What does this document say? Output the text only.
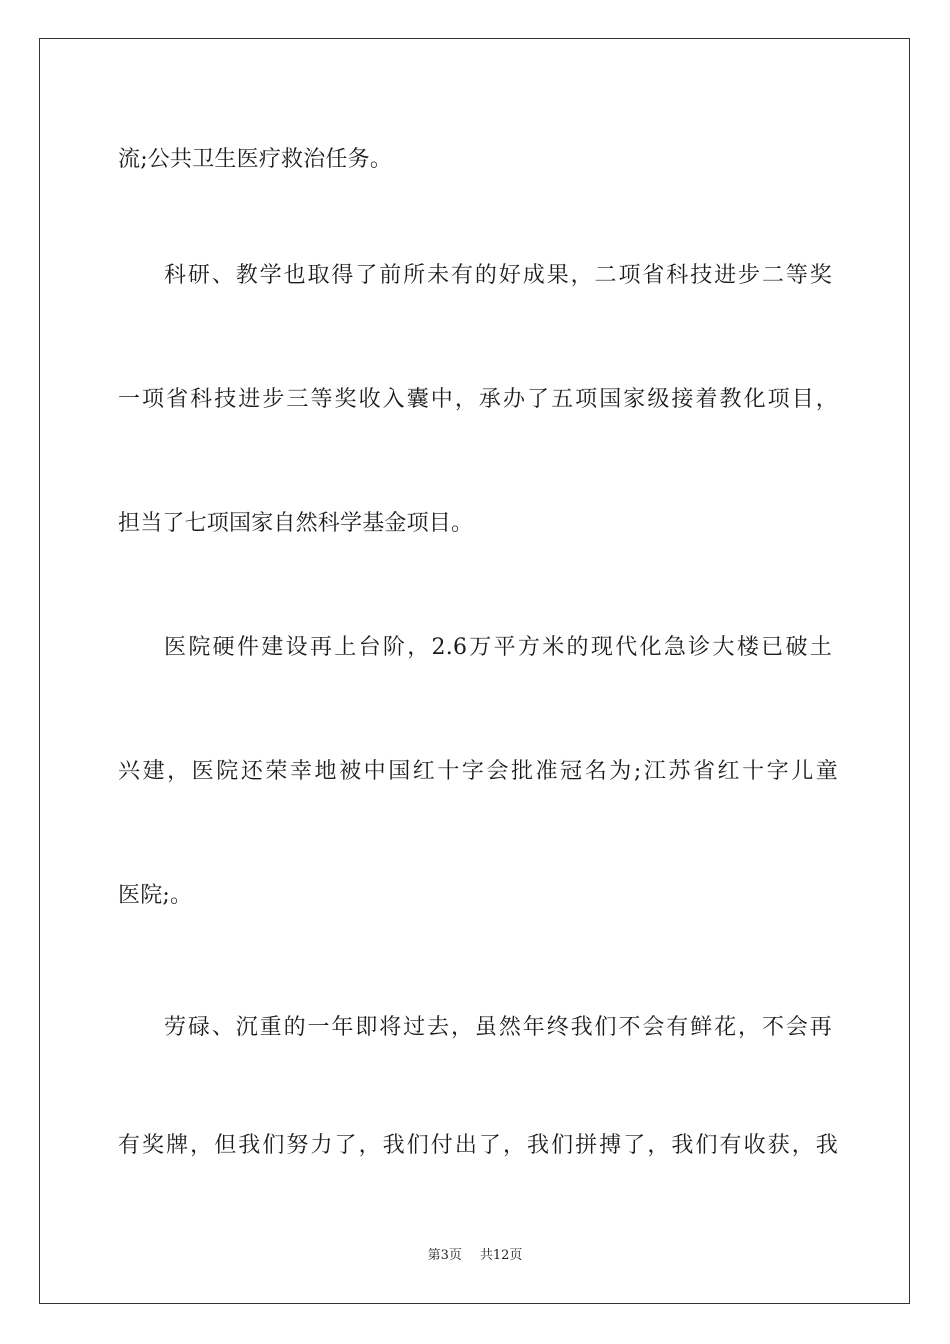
流;公共卫生医疗救治任务。
科研、教学也取得了前所未有的好成果，二项省科技进步二等奖
一项省科技进步三等奖收入囊中，承办了五项国家级接着教化项目，
担当了七项国家自然科学基金项目。
医院硬件建设再上台阶，2.6万平方米的现代化急诊大楼已破土
兴建，医院还荣幸地被中国红十字会批准冠名为;江苏省红十字儿童
医院;。
劳碌、沉重的一年即将过去，虽然年终我们不会有鲜花，不会再
有奖牌，但我们努力了，我们付出了，我们拼搏了，我们有收获，我
第3页 共12页
